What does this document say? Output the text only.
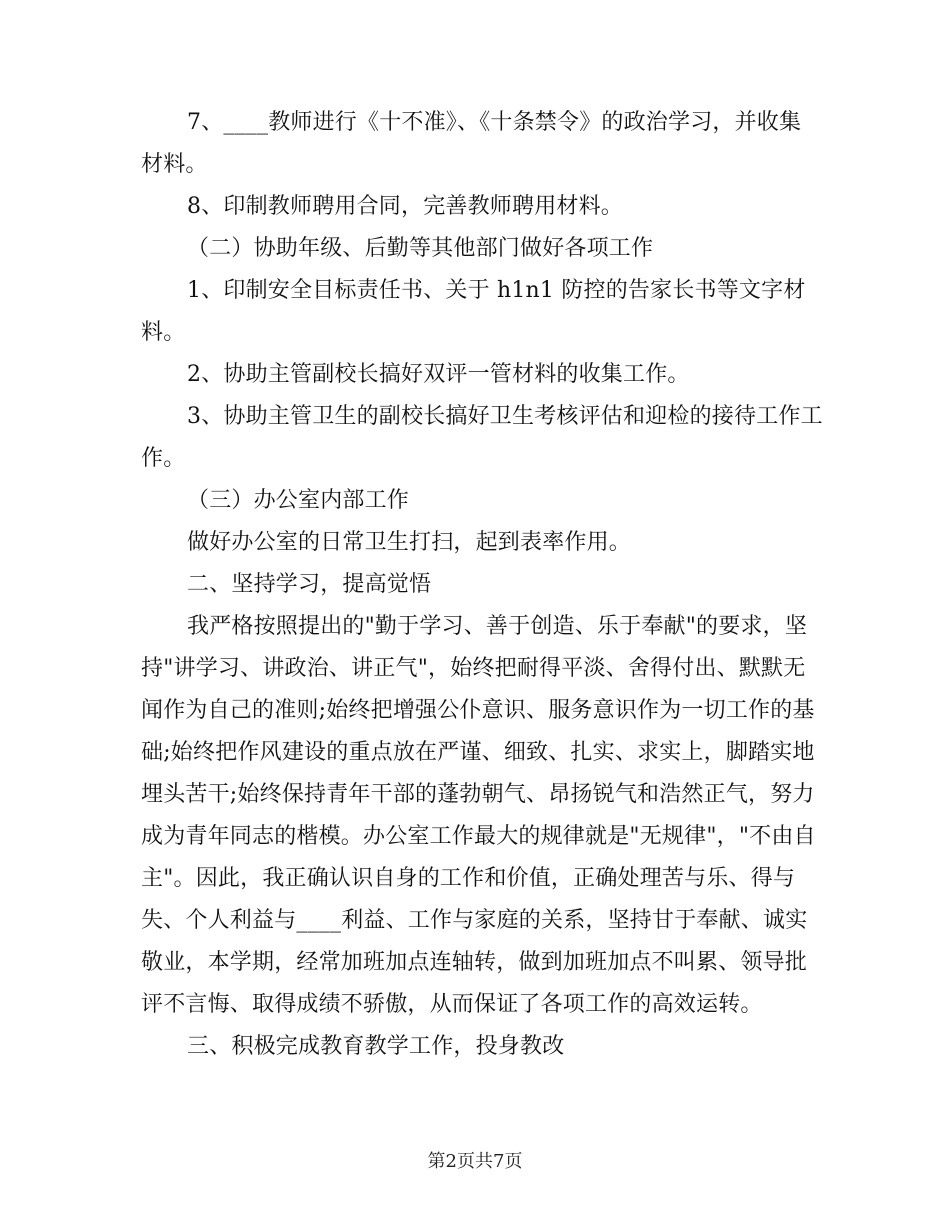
7、____教师进行《十不准》、《十条禁令》的政治学习，并收集
材料。

8、印制教师聘用合同，完善教师聘用材料。

（二）协助年级、后勤等其他部门做好各项工作

1、印制安全目标责任书、关于 h1n1 防控的告家长书等文字材
料。

2、协助主管副校长搞好双评一管材料的收集工作。

3、协助主管卫生的副校长搞好卫生考核评估和迎检的接待工作工
作。

（三）办公室内部工作

做好办公室的日常卫生打扫，起到表率作用。

二、坚持学习，提高觉悟

我严格按照提出的"勤于学习、善于创造、乐于奉献"的要求，坚
持"讲学习、讲政治、讲正气"，始终把耐得平淡、舍得付出、默默无
闻作为自己的准则;始终把增强公仆意识、服务意识作为一切工作的基
础;始终把作风建设的重点放在严谨、细致、扎实、求实上，脚踏实地
埋头苦干;始终保持青年干部的蓬勃朝气、昂扬锐气和浩然正气，努力
成为青年同志的楷模。办公室工作最大的规律就是"无规律"，"不由自
主"。因此，我正确认识自身的工作和价值，正确处理苦与乐、得与
失、个人利益与____利益、工作与家庭的关系，坚持甘于奉献、诚实
敬业，本学期，经常加班加点连轴转，做到加班加点不叫累、领导批
评不言悔、取得成绩不骄傲，从而保证了各项工作的高效运转。

三、积极完成教育教学工作，投身教改

第2页共7页
